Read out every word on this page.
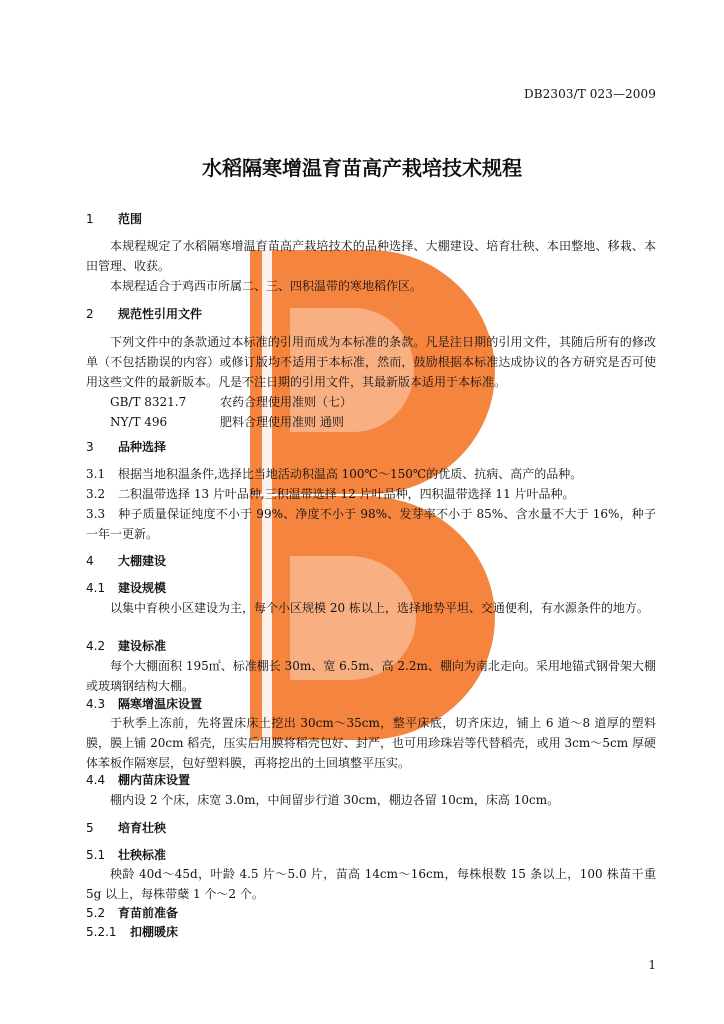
DB2303/T 023—2009
水稻隔寒增温育苗高产栽培技术规程
1 范围
本规程规定了水稻隔寒增温育苗高产栽培技术的品种选择、大棚建设、培育壮秧、本田整地、移栽、本田管理、收获。
本规程适合于鸡西市所属二、三、四积温带的寒地稻作区。
2 规范性引用文件
下列文件中的条款通过本标准的引用而成为本标准的条款。凡是注日期的引用文件，其随后所有的修改单（不包括勘误的内容）或修订版均不适用于本标准，然而，鼓励根据本标准达成协议的各方研究是否可使用这些文件的最新版本。凡是不注日期的引用文件，其最新版本适用于本标准。
GB/T 8321.7	农药合理使用准则（七）
NY/T 496	肥料合理使用准则 通则
3 品种选择
3.1 根据当地积温条件,选择比当地活动积温高 100℃～150℃的优质、抗病、高产的品种。
3.2 二积温带选择 13 片叶品种,三积温带选择 12 片叶品种，四积温带选择 11 片叶品种。
3.3 种子质量保证纯度不小于 99%、净度不小于 98%、发芽率不小于 85%、含水量不大于 16%，种子一年一更新。
4 大棚建设
4.1 建设规模
以集中育秧小区建设为主，每个小区规模 20 栋以上，选择地势平坦、交通便利，有水源条件的地方。
4.2 建设标准
每个大棚面积 195㎡、标准棚长 30m、宽 6.5m、高 2.2m、棚向为南北走向。采用地锚式钢骨架大棚或玻璃钢结构大棚。
4.3 隔寒增温床设置
于秋季上冻前，先将置床床土挖出 30cm～35cm，整平床底，切齐床边，铺上 6 道～8 道厚的塑料膜，膜上铺 20cm 稻壳，压实后用膜将稻壳包好、封严，也可用珍珠岩等代替稻壳，或用 3cm～5cm 厚硬体苯板作隔寒层，包好塑料膜，再将挖出的土回填整平压实。
4.4 棚内苗床设置
棚内设 2 个床，床宽 3.0m，中间留步行道 30cm，棚边各留 10cm，床高 10cm。
5 培育壮秧
5.1 壮秧标准
秧龄 40d～45d，叶龄 4.5 片～5.0 片，苗高 14cm～16cm，每株根数 15 条以上，100 株苗干重 5g 以上，每株带蘖 1 个～2 个。
5.2 育苗前准备
5.2.1 扣棚暖床
1
